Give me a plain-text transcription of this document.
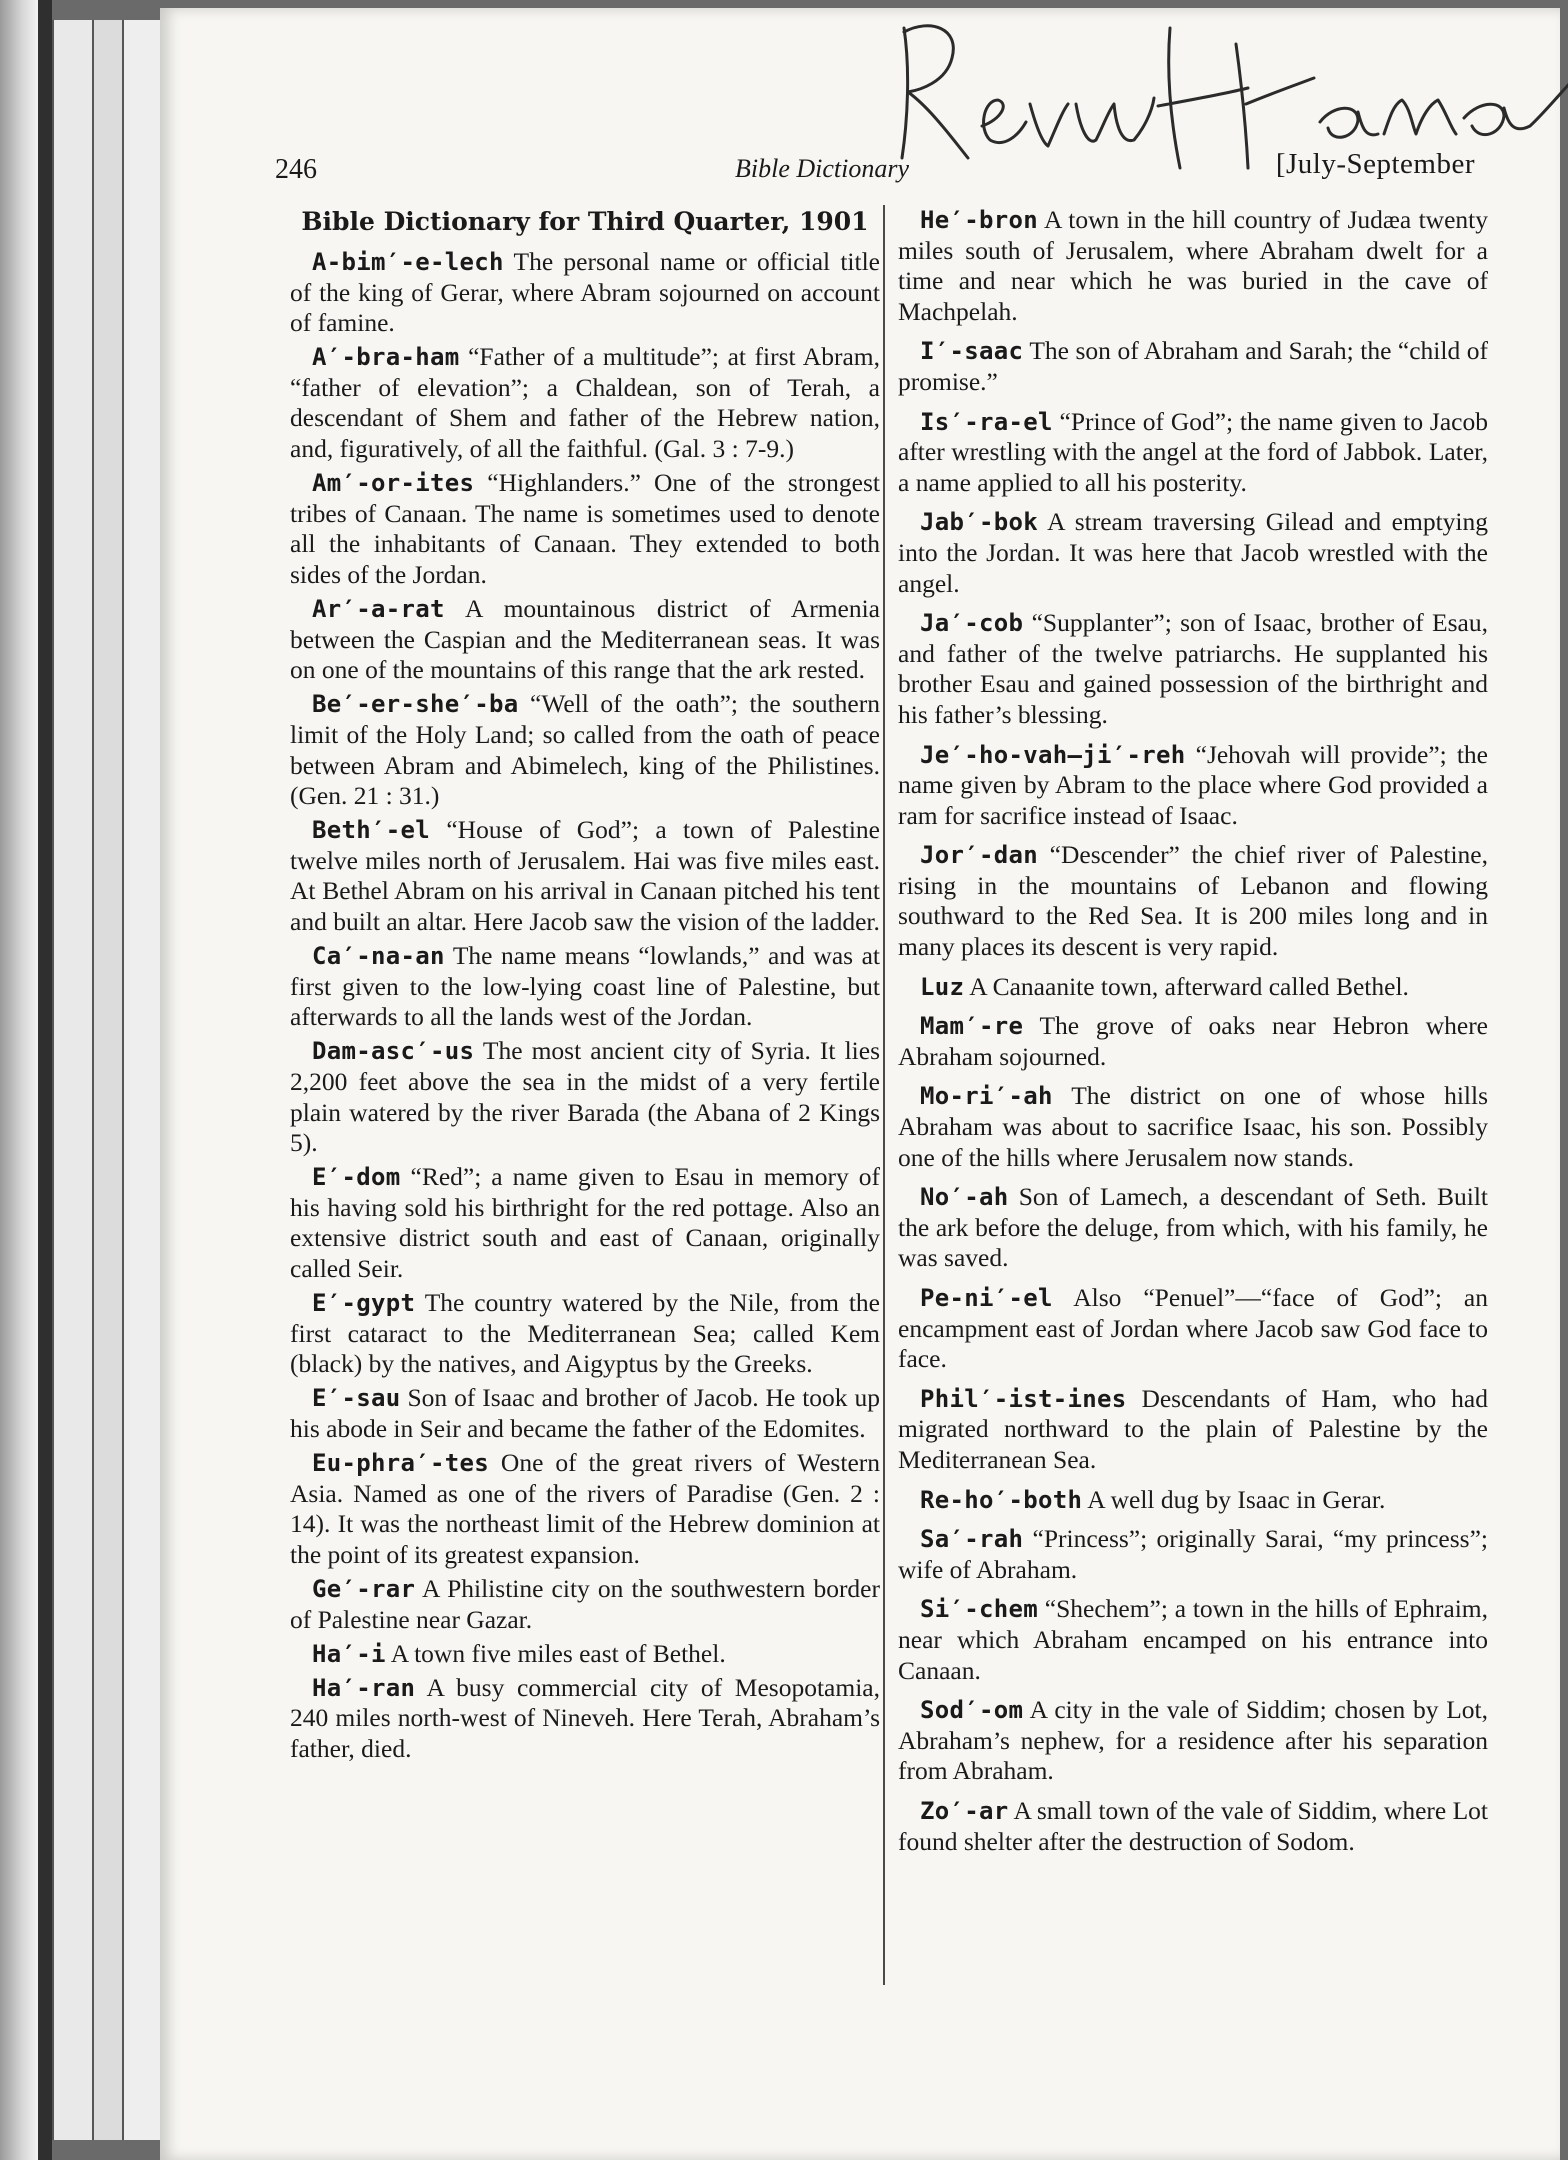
246	Bible Dictionary	[July-September
Bible Dictionary for Third Quarter, 1901

A-bim′-e-lech The personal name or official title of the king of Gerar, where Abram sojourned on account of famine.

A′-bra-ham “Father of a multitude”; at first Abram, “father of elevation”; a Chaldean, son of Terah, a descendant of Shem and father of the Hebrew nation, and, figuratively, of all the faithful. (Gal. 3 : 7-9.)

Am′-or-ites “Highlanders.” One of the strongest tribes of Canaan. The name is sometimes used to denote all the inhabitants of Canaan. They extended to both sides of the Jordan.

Ar′-a-rat A mountainous district of Armenia between the Caspian and the Mediterranean seas. It was on one of the mountains of this range that the ark rested.

Be′-er-she′-ba “Well of the oath”; the southern limit of the Holy Land; so called from the oath of peace between Abram and Abimelech, king of the Philistines. (Gen. 21 : 31.)

Beth′-el “House of God”; a town of Palestine twelve miles north of Jerusalem. Hai was five miles east. At Bethel Abram on his arrival in Canaan pitched his tent and built an altar. Here Jacob saw the vision of the ladder.

Ca′-na-an The name means “lowlands,” and was at first given to the low-lying coast line of Palestine, but afterwards to all the lands west of the Jordan.

Dam-asc′-us The most ancient city of Syria. It lies 2,200 feet above the sea in the midst of a very fertile plain watered by the river Barada (the Abana of 2 Kings 5).

E′-dom “Red”; a name given to Esau in memory of his having sold his birthright for the red pottage. Also an extensive district south and east of Canaan, originally called Seir.

E′-gypt The country watered by the Nile, from the first cataract to the Mediterranean Sea; called Kem (black) by the natives, and Aigyptus by the Greeks.

E′-sau Son of Isaac and brother of Jacob. He took up his abode in Seir and became the father of the Edomites.

Eu-phra′-tes One of the great rivers of Western Asia. Named as one of the rivers of Paradise (Gen. 2 : 14). It was the northeast limit of the Hebrew dominion at the point of its greatest expansion.

Ge′-rar A Philistine city on the southwestern border of Palestine near Gazar.

Ha′-i A town five miles east of Bethel.

Ha′-ran A busy commercial city of Mesopotamia, 240 miles north-west of Nineveh. Here Terah, Abraham’s father, died.

He′-bron A town in the hill country of Judæa twenty miles south of Jerusalem, where Abraham dwelt for a time and near which he was buried in the cave of Machpelah.

I′-saac The son of Abraham and Sarah; the “child of promise.”

Is′-ra-el “Prince of God”; the name given to Jacob after wrestling with the angel at the ford of Jabbok. Later, a name applied to all his posterity.

Jab′-bok A stream traversing Gilead and emptying into the Jordan. It was here that Jacob wrestled with the angel.

Ja′-cob “Supplanter”; son of Isaac, brother of Esau, and father of the twelve patriarchs. He supplanted his brother Esau and gained possession of the birthright and his father’s blessing.

Je′-ho-vah—ji′-reh “Jehovah will provide”; the name given by Abram to the place where God provided a ram for sacrifice instead of Isaac.

Jor′-dan “Descender” the chief river of Palestine, rising in the mountains of Lebanon and flowing southward to the Red Sea. It is 200 miles long and in many places its descent is very rapid.

Luz A Canaanite town, afterward called Bethel.

Mam′-re The grove of oaks near Hebron where Abraham sojourned.

Mo-ri′-ah The district on one of whose hills Abraham was about to sacrifice Isaac, his son. Possibly one of the hills where Jerusalem now stands.

No′-ah Son of Lamech, a descendant of Seth. Built the ark before the deluge, from which, with his family, he was saved.

Pe-ni′-el Also “Penuel”—“face of God”; an encampment east of Jordan where Jacob saw God face to face.

Phil′-ist-ines Descendants of Ham, who had migrated northward to the plain of Palestine by the Mediterranean Sea.

Re-ho′-both A well dug by Isaac in Gerar.

Sa′-rah “Princess”; originally Sarai, “my princess”; wife of Abraham.

Si′-chem “Shechem”; a town in the hills of Ephraim, near which Abraham encamped on his entrance into Canaan.

Sod′-om A city in the vale of Siddim; chosen by Lot, Abraham’s nephew, for a residence after his separation from Abraham.

Zo′-ar A small town of the vale of Siddim, where Lot found shelter after the destruction of Sodom.
